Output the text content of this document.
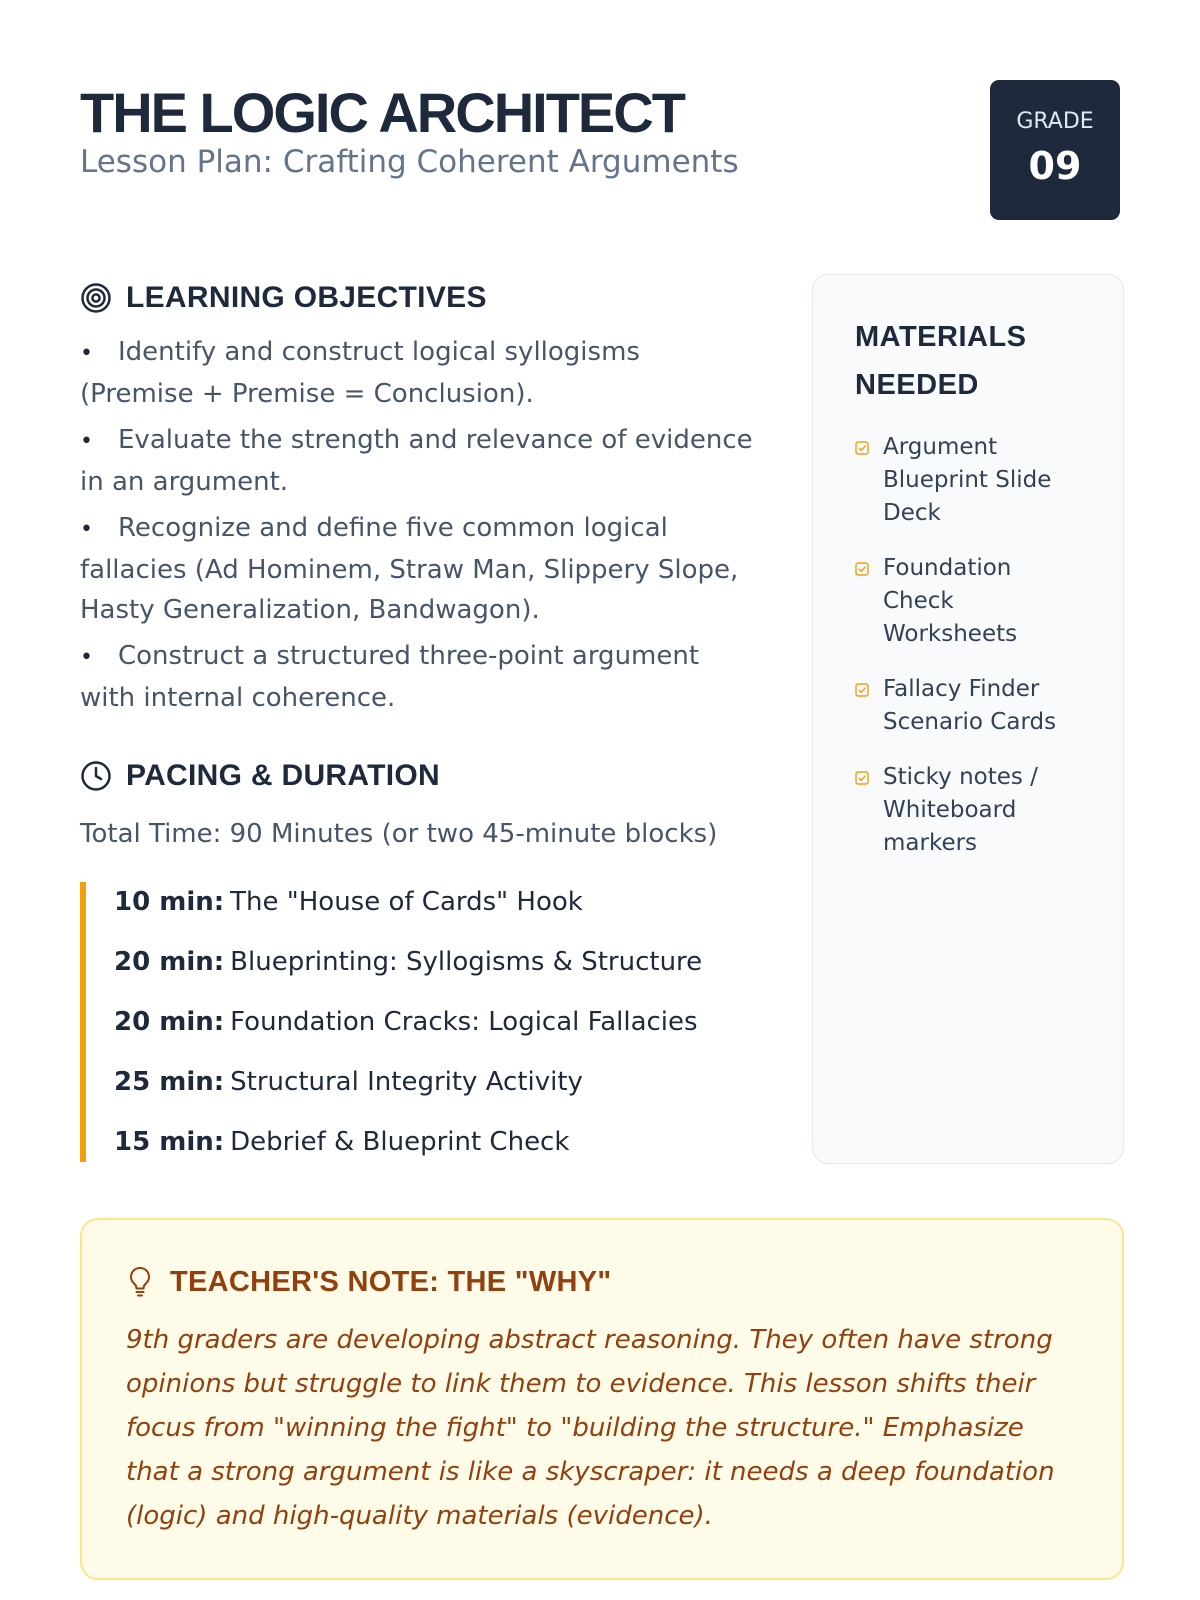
THE LOGIC ARCHITECT
Lesson Plan: Crafting Coherent Arguments
GRADE
09
LEARNING OBJECTIVES
• Identify and construct logical syllogisms (Premise + Premise = Conclusion).
• Evaluate the strength and relevance of evidence in an argument.
• Recognize and define five common logical fallacies (Ad Hominem, Straw Man, Slippery Slope, Hasty Generalization, Bandwagon).
• Construct a structured three-point argument with internal coherence.
PACING & DURATION
Total Time: 90 Minutes (or two 45-minute blocks)
10 min: The "House of Cards" Hook
20 min: Blueprinting: Syllogisms & Structure
20 min: Foundation Cracks: Logical Fallacies
25 min: Structural Integrity Activity
15 min: Debrief & Blueprint Check
MATERIALS NEEDED
Argument Blueprint Slide Deck
Foundation Check Worksheets
Fallacy Finder Scenario Cards
Sticky notes / Whiteboard markers
TEACHER'S NOTE: THE "WHY"

9th graders are developing abstract reasoning. They often have strong opinions but struggle to link them to evidence. This lesson shifts their focus from "winning the fight" to "building the structure." Emphasize that a strong argument is like a skyscraper: it needs a deep foundation (logic) and high-quality materials (evidence).
